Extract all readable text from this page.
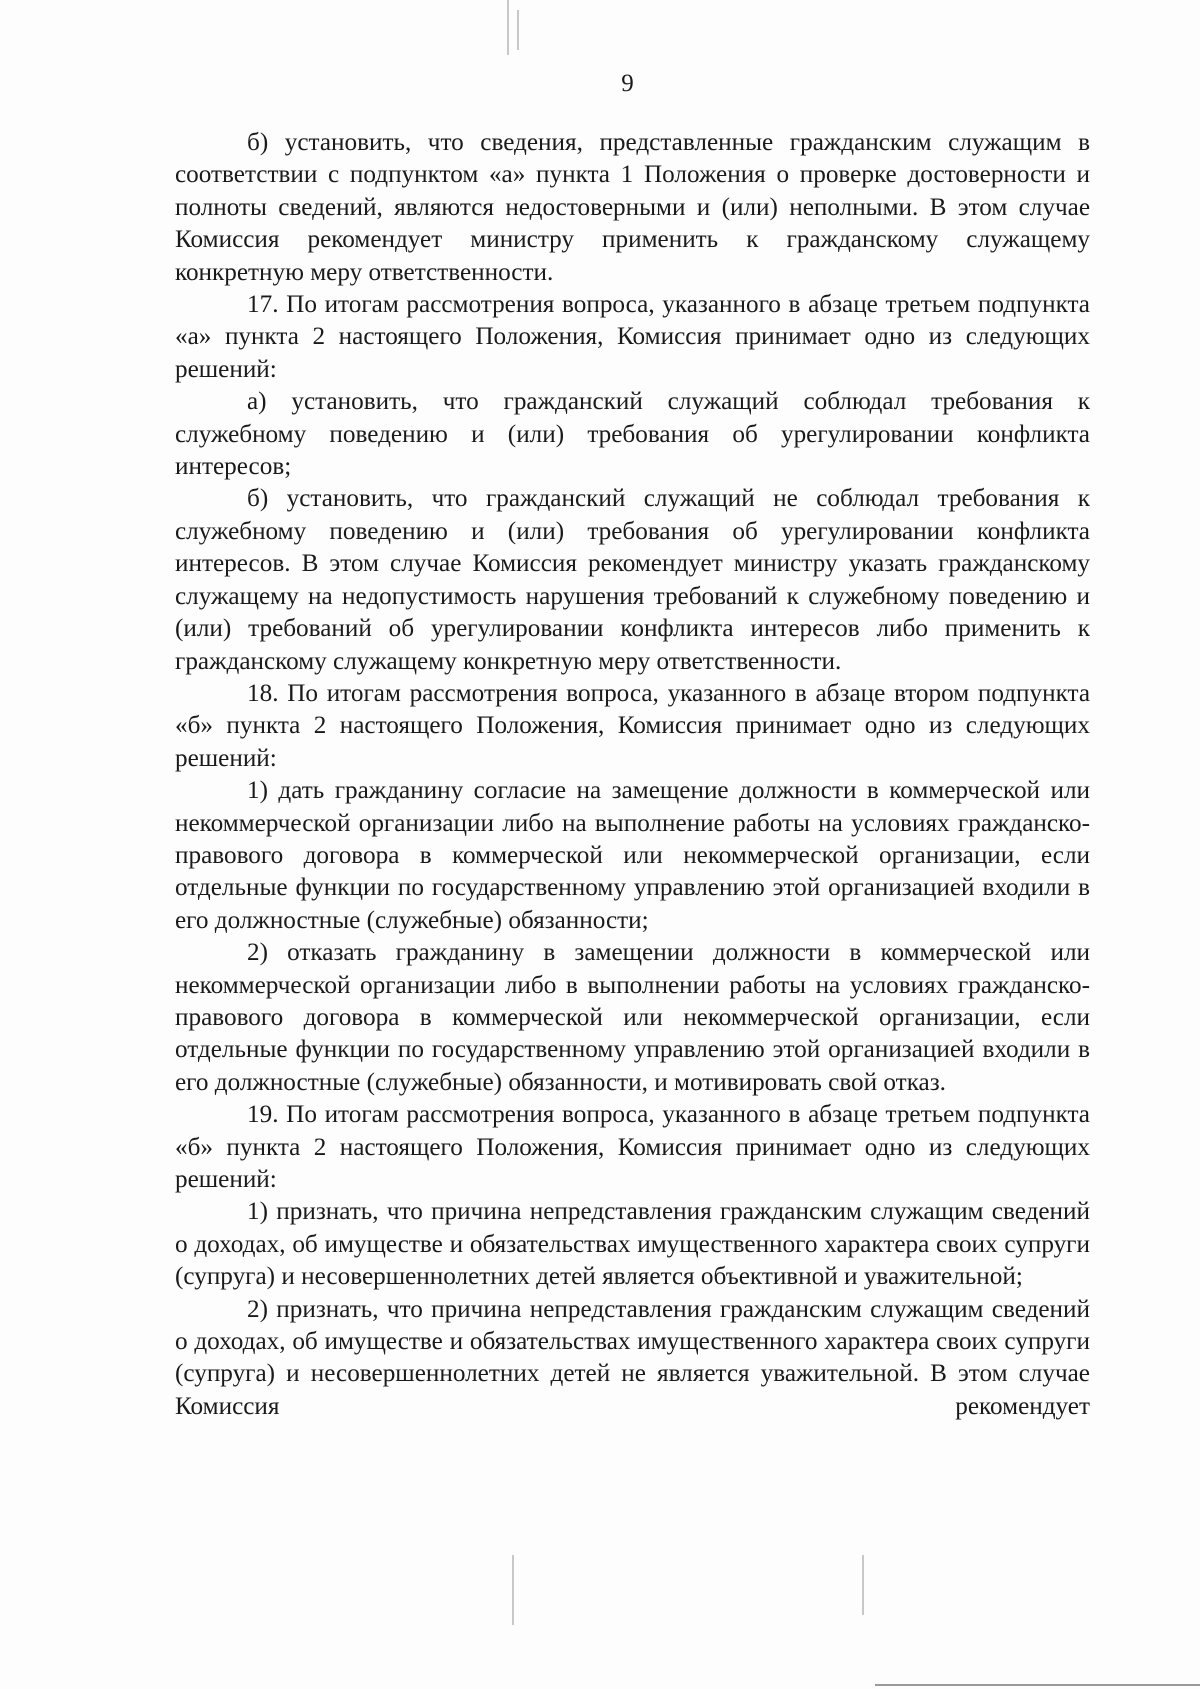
9

б) установить, что сведения, представленные гражданским служащим в соответствии с подпунктом «а» пункта 1 Положения о проверке достоверности и полноты сведений, являются недостоверными и (или) неполными. В этом случае Комиссия рекомендует министру применить к гражданскому служащему конкретную меру ответственности.

17. По итогам рассмотрения вопроса, указанного в абзаце третьем подпункта «а» пункта 2 настоящего Положения, Комиссия принимает одно из следующих решений:

а) установить, что гражданский служащий соблюдал требования к служебному поведению и (или) требования об урегулировании конфликта интересов;

б) установить, что гражданский служащий не соблюдал требования к служебному поведению и (или) требования об урегулировании конфликта интересов. В этом случае Комиссия рекомендует министру указать гражданскому служащему на недопустимость нарушения требований к служебному поведению и (или) требований об урегулировании конфликта интересов либо применить к гражданскому служащему конкретную меру ответственности.

18. По итогам рассмотрения вопроса, указанного в абзаце втором подпункта «б» пункта 2 настоящего Положения, Комиссия принимает одно из следующих решений:

1) дать гражданину согласие на замещение должности в коммерческой или некоммерческой организации либо на выполнение работы на условиях гражданско-правового договора в коммерческой или некоммерческой организации, если отдельные функции по государственному управлению этой организацией входили в его должностные (служебные) обязанности;

2) отказать гражданину в замещении должности в коммерческой или некоммерческой организации либо в выполнении работы на условиях гражданско-правового договора в коммерческой или некоммерческой организации, если отдельные функции по государственному управлению этой организацией входили в его должностные (служебные) обязанности, и мотивировать свой отказ.

19. По итогам рассмотрения вопроса, указанного в абзаце третьем подпункта «б» пункта 2 настоящего Положения, Комиссия принимает одно из следующих решений:

1) признать, что причина непредставления гражданским служащим сведений о доходах, об имуществе и обязательствах имущественного характера своих супруги (супруга) и несовершеннолетних детей является объективной и уважительной;

2) признать, что причина непредставления гражданским служащим сведений о доходах, об имуществе и обязательствах имущественного характера своих супруги (супруга) и несовершеннолетних детей не является уважительной. В этом случае Комиссия рекомендует
